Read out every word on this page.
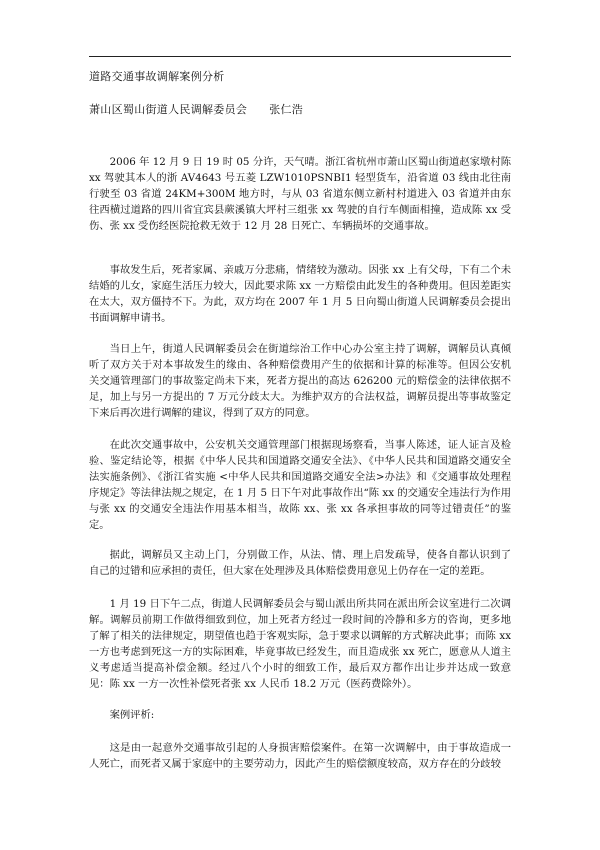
道路交通事故调解案例分析
萧山区蜀山街道人民调解委员会 张仁浩

2006 年 12 月 9 日 19 时 05 分许，天气晴。浙江省杭州市萧山区蜀山街道赵家墩村陈 xx 驾驶其本人的浙 AV4643 号五菱 LZW1010PSNBI1 轻型货车，沿省道 03 线由北往南行驶至 03 省道 24KM+300M 地方时，与从 03 省道东侧立新村村道进入 03 省道并由东往西横过道路的四川省宜宾县蕨溪镇大坪村三组张 xx 驾驶的自行车侧面相撞，造成陈 xx 受伤、张 xx 受伤经医院抢救无效于 12 月 28 日死亡、车辆损坏的交通事故。

事故发生后，死者家属、亲戚万分悲痛，情绪较为激动。因张 xx 上有父母，下有二个未结婚的儿女，家庭生活压力较大，因此要求陈 xx 一方赔偿由此发生的各种费用。但因差距实在太大，双方僵持不下。为此，双方均在 2007 年 1 月 5 日向蜀山街道人民调解委员会提出书面调解申请书。

当日上午，街道人民调解委员会在街道综治工作中心办公室主持了调解，调解员认真倾听了双方关于对本事故发生的缘由、各种赔偿费用产生的依据和计算的标准等。但因公安机关交通管理部门的事故鉴定尚未下来，死者方提出的高达 626200 元的赔偿金的法律依据不足，加上与另一方提出的 7 万元分歧太大。为维护双方的合法权益，调解员提出等事故鉴定下来后再次进行调解的建议，得到了双方的同意。

在此次交通事故中，公安机关交通管理部门根据现场察看，当事人陈述，证人证言及检验、鉴定结论等，根据《中华人民共和国道路交通安全法》、《中华人民共和国道路交通安全法实施条例》、《浙江省实施 <中华人民共和国道路交通安全法>办法》和《交通事故处理程序规定》等法律法规之规定，在 1 月 5 日下午对此事故作出“陈 xx 的交通安全违法行为作用与张 xx 的交通安全违法作用基本相当，故陈 xx、张 xx 各承担事故的同等过错责任”的鉴定。

据此，调解员又主动上门，分别做工作，从法、情、理上启发疏导，使各自都认识到了自己的过错和应承担的责任，但大家在处理涉及具体赔偿费用意见上仍存在一定的差距。

1 月 19 日下午二点，街道人民调解委员会与蜀山派出所共同在派出所会议室进行二次调解。调解员前期工作做得细致到位，加上死者方经过一段时间的冷静和多方的咨询，更多地了解了相关的法律规定，期望值也趋于客观实际，急于要求以调解的方式解决此事；而陈 xx 一方也考虑到死这一方的实际困难，毕竟事故已经发生，而且造成张 xx 死亡，愿意从人道主义考虑适当提高补偿金额。经过八个小时的细致工作，最后双方都作出让步并达成一致意见：陈 xx 一方一次性补偿死者张 xx 人民币 18.2 万元（医药费除外）。

案例评析:

这是由一起意外交通事故引起的人身损害赔偿案件。在第一次调解中，由于事故造成一人死亡，而死者又属于家庭中的主要劳动力，因此产生的赔偿额度较高，双方存在的分歧较
